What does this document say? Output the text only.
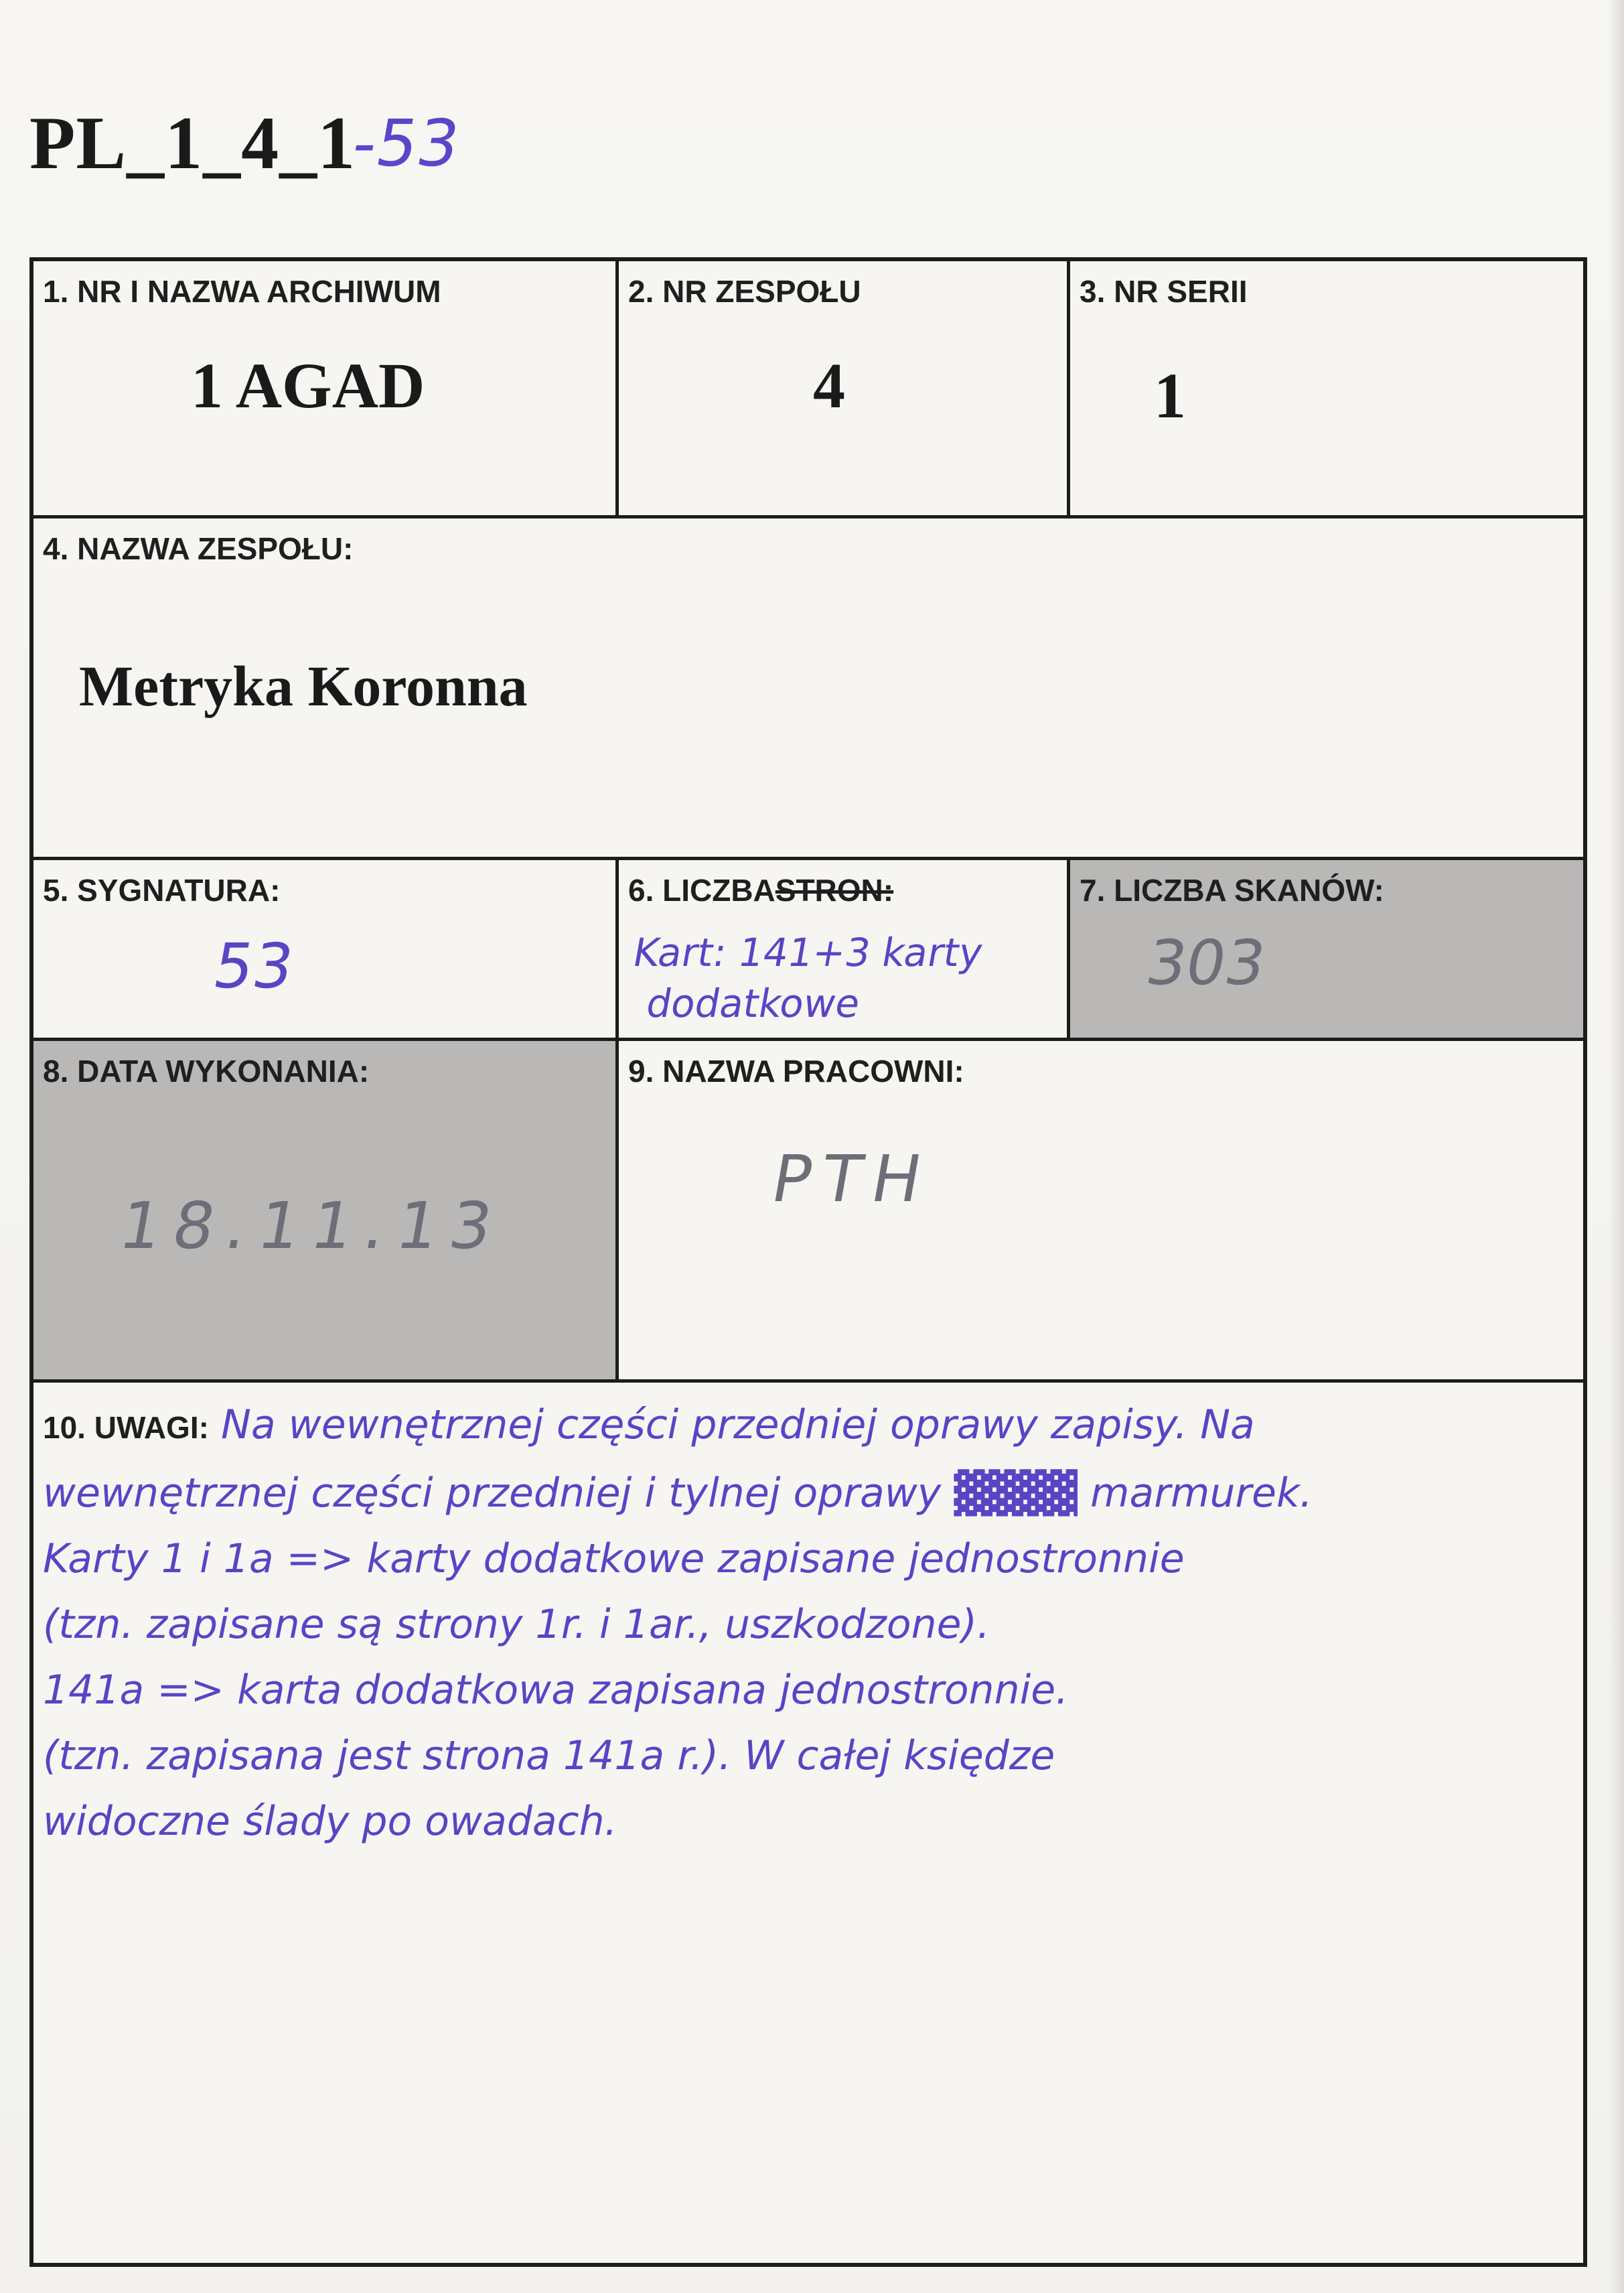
PL_1_4_1
-53
1. NR I NAZWA ARCHIWUM
1 AGAD
2. NR ZESPOŁU
4
3. NR SERII
1
4. NAZWA ZESPOŁU:
Metryka Koronna
5. SYGNATURA:
53
6. LICZBASTRON:
Kart: 141+3 karty
dodatkowe
7. LICZBA SKANÓW:
303
8. DATA WYKONANIA:
18.11.13
9. NAZWA PRACOWNI:
PTH
10. UWAGI: Na wewnętrznej części przedniej oprawy zapisy. Na
wewnętrznej części przedniej i tylnej oprawy ▓▓▓▓ marmurek.
Karty 1 i 1a => karty dodatkowe zapisane jednostronnie
(tzn. zapisane są strony 1r. i 1ar., uszkodzone).
141a => karta dodatkowa zapisana jednostronnie.
(tzn. zapisana jest strona 141a r.). W całej księdze
widoczne ślady po owadach.
